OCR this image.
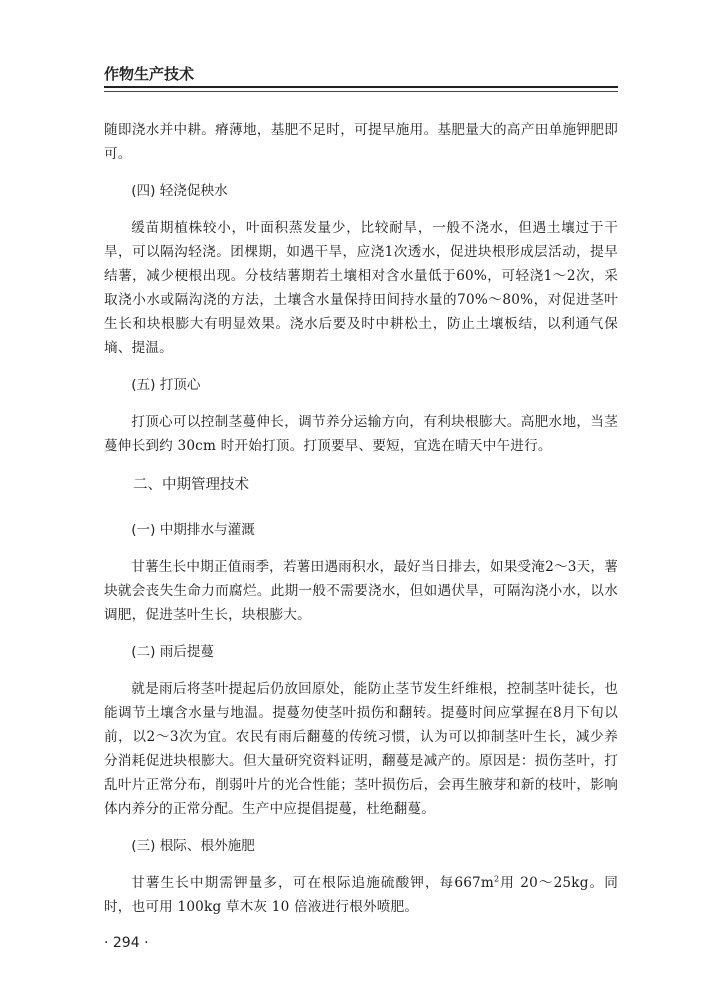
作物生产技术

随即浇水并中耕。瘠薄地，基肥不足时，可提早施用。基肥量大的高产田单施钾肥即可。

(四) 轻浇促秧水

缓苗期植株较小，叶面积蒸发量少，比较耐旱，一般不浇水，但遇土壤过于干旱，可以隔沟轻浇。团棵期，如遇干旱，应浇1次透水，促进块根形成层活动，提早结薯，减少梗根出现。分枝结薯期若土壤相对含水量低于60%，可轻浇1～2次，采取浇小水或隔沟浇的方法，土壤含水量保持田间持水量的70%～80%，对促进茎叶生长和块根膨大有明显效果。浇水后要及时中耕松土，防止土壤板结，以利通气保墒、提温。

(五) 打顶心

打顶心可以控制茎蔓伸长，调节养分运输方向，有利块根膨大。高肥水地，当茎蔓伸长到约 30cm 时开始打顶。打顶要早、要短，宜选在晴天中午进行。

二、中期管理技术
(一) 中期排水与灌溉

甘薯生长中期正值雨季，若薯田遇雨积水，最好当日排去，如果受淹2～3天，薯块就会丧失生命力而腐烂。此期一般不需要浇水，但如遇伏旱，可隔沟浇小水，以水调肥，促进茎叶生长，块根膨大。

(二) 雨后提蔓

就是雨后将茎叶提起后仍放回原处，能防止茎节发生纤维根，控制茎叶徒长，也能调节土壤含水量与地温。提蔓勿使茎叶损伤和翻转。提蔓时间应掌握在8月下旬以前，以2～3次为宜。农民有雨后翻蔓的传统习惯，认为可以抑制茎叶生长，减少养分消耗促进块根膨大。但大量研究资料证明，翻蔓是减产的。原因是：损伤茎叶，打乱叶片正常分布，削弱叶片的光合性能；茎叶损伤后，会再生腋芽和新的枝叶，影响体内养分的正常分配。生产中应提倡提蔓，杜绝翻蔓。

(三) 根际、根外施肥

甘薯生长中期需钾量多，可在根际追施硫酸钾，每$667m^2$用 20～25kg。同时，也可用 100kg 草木灰 10 倍液进行根外喷肥。

· 294 ·
